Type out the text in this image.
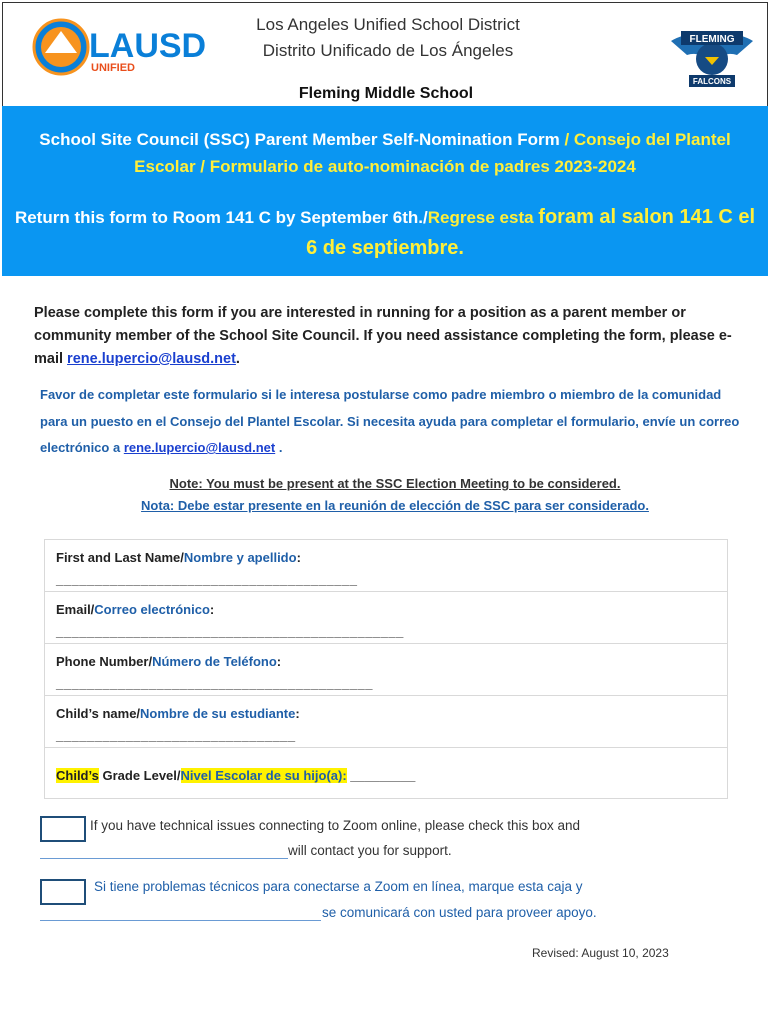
LAUSD
UNIFIED
Los Angeles Unified School District
Distrito Unificado de Los Ángeles
Fleming Middle School
FLEMING
FALCONS
School Site Council (SSC) Parent Member Self-Nomination Form / Consejo del Plantel Escolar / Formulario de auto-nominación de padres 2023-2024
Return this form to Room 141 C by September 6th./Regrese esta foram al salon 141 C el 6 de septiembre.
Please complete this form if you are interested in running for a position as a parent member or community member of the School Site Council. If you need assistance completing the form, please e-mail rene.lupercio@lausd.net.
Favor de completar este formulario si le interesa postularse como padre miembro o miembro de la comunidad para un puesto en el Consejo del Plantel Escolar. Si necesita ayuda para completar el formulario, envíe un correo electrónico a rene.lupercio@lausd.net .
Note: You must be present at the SSC Election Meeting to be considered.
Nota: Debe estar presente en la reunión de elección de SSC para ser considerado.
First and Last Name/Nombre y apellido:
_______________________________________
Email/Correo electrónico:
_____________________________________________
Phone Number/Número de Teléfono:
_________________________________________
Child’s name/Nombre de su estudiante:
_______________________________
Child’s Grade Level/Nivel Escolar de su hijo(a): _________
If you have technical issues connecting to Zoom online, please check this box and
will contact you for support.
Si tiene problemas técnicos para conectarse a Zoom en línea, marque esta caja y
se comunicará con usted para proveer apoyo.
Revised: August 10, 2023
